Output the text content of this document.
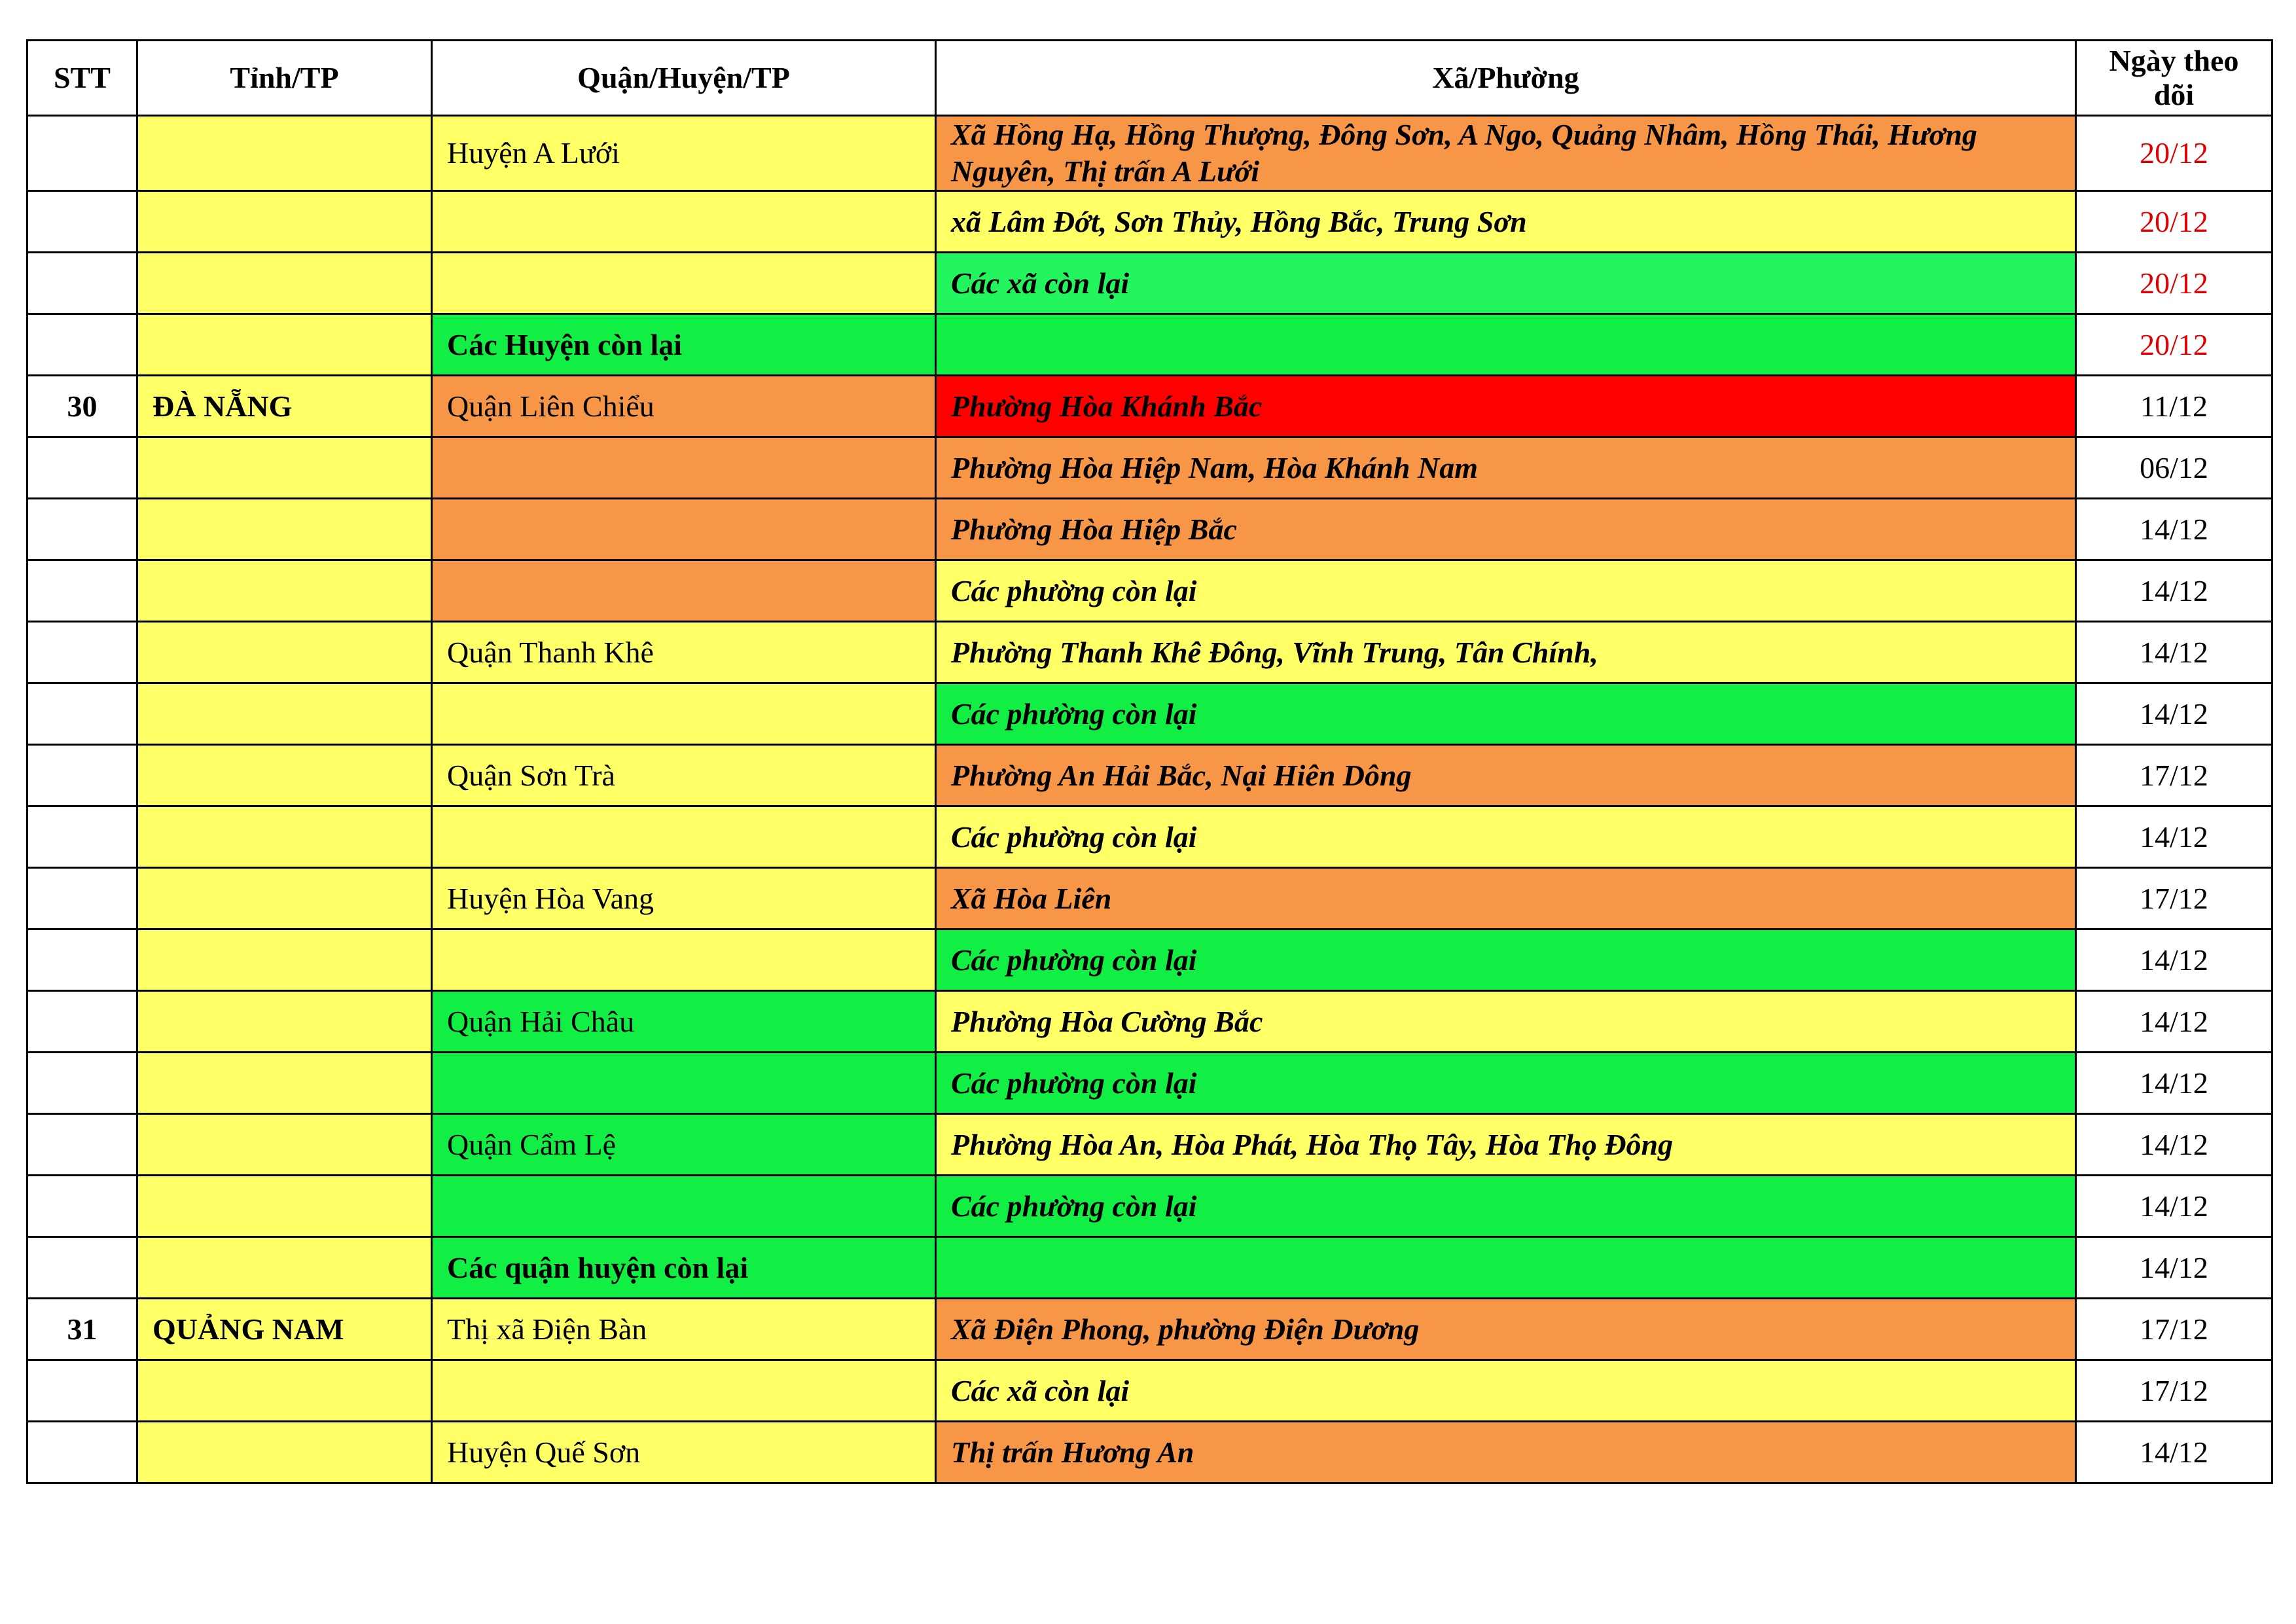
STT	Tỉnh/TP	Quận/Huyện/TP	Xã/Phường	Ngày theo dõi
		Huyện A Lưới	Xã Hồng Hạ, Hồng Thượng, Đông Sơn, A Ngo, Quảng Nhâm, Hồng Thái, Hương Nguyên, Thị trấn A Lưới	20/12
			xã Lâm Đớt, Sơn Thủy, Hồng Bắc, Trung Sơn	20/12
			Các xã còn lại	20/12
		Các Huyện còn lại		20/12
30	ĐÀ NẴNG	Quận Liên Chiểu	Phường Hòa Khánh Bắc	11/12
			Phường Hòa Hiệp Nam, Hòa Khánh Nam	06/12
			Phường Hòa Hiệp Bắc	14/12
			Các phường còn lại	14/12
		Quận Thanh Khê	Phường Thanh Khê Đông, Vĩnh Trung, Tân Chính,	14/12
			Các phường còn lại	14/12
		Quận Sơn Trà	Phường An Hải Bắc, Nại Hiên Dông	17/12
			Các phường còn lại	14/12
		Huyện Hòa Vang	Xã Hòa Liên	17/12
			Các phường còn lại	14/12
		Quận Hải Châu	Phường Hòa Cường Bắc	14/12
			Các phường còn lại	14/12
		Quận Cẩm Lệ	Phường Hòa An, Hòa Phát, Hòa Thọ Tây, Hòa Thọ Đông	14/12
			Các phường còn lại	14/12
		Các quận huyện còn lại		14/12
31	QUẢNG NAM	Thị xã Điện Bàn	Xã Điện Phong, phường Điện Dương	17/12
			Các xã còn lại	17/12
		Huyện Quế Sơn	Thị trấn Hương An	14/12
